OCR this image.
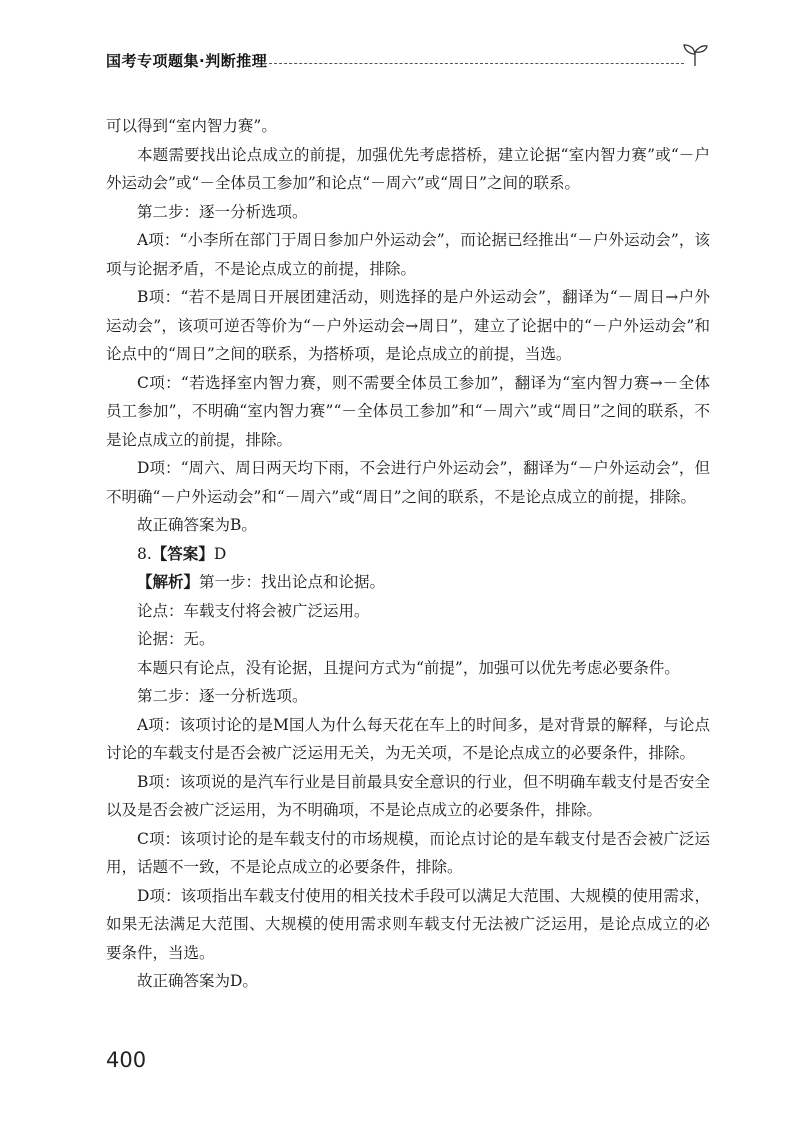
国考专项题集·判断推理

可以得到“室内智力赛”。

本题需要找出论点成立的前提，加强优先考虑搭桥，建立论据“室内智力赛”或“－户外运动会”或“－全体员工参加”和论点“－周六”或“周日”之间的联系。

第二步：逐一分析选项。

A项：“小李所在部门于周日参加户外运动会”，而论据已经推出“－户外运动会”，该项与论据矛盾，不是论点成立的前提，排除。

B项：“若不是周日开展团建活动，则选择的是户外运动会”，翻译为“－周日→户外运动会”，该项可逆否等价为“－户外运动会→周日”，建立了论据中的“－户外运动会”和论点中的“周日”之间的联系，为搭桥项，是论点成立的前提，当选。

C项：“若选择室内智力赛，则不需要全体员工参加”，翻译为“室内智力赛→－全体员工参加”，不明确“室内智力赛”“－全体员工参加”和“－周六”或“周日”之间的联系，不是论点成立的前提，排除。

D项：“周六、周日两天均下雨，不会进行户外运动会”，翻译为“－户外运动会”，但不明确“－户外运动会”和“－周六”或“周日”之间的联系，不是论点成立的前提，排除。

故正确答案为B。

8.【答案】D

【解析】第一步：找出论点和论据。

论点：车载支付将会被广泛运用。

论据：无。

本题只有论点，没有论据，且提问方式为“前提”，加强可以优先考虑必要条件。

第二步：逐一分析选项。

A项：该项讨论的是M国人为什么每天花在车上的时间多，是对背景的解释，与论点讨论的车载支付是否会被广泛运用无关，为无关项，不是论点成立的必要条件，排除。

B项：该项说的是汽车行业是目前最具安全意识的行业，但不明确车载支付是否安全以及是否会被广泛运用，为不明确项，不是论点成立的必要条件，排除。

C项：该项讨论的是车载支付的市场规模，而论点讨论的是车载支付是否会被广泛运用，话题不一致，不是论点成立的必要条件，排除。

D项：该项指出车载支付使用的相关技术手段可以满足大范围、大规模的使用需求，如果无法满足大范围、大规模的使用需求则车载支付无法被广泛运用，是论点成立的必要条件，当选。

故正确答案为D。

400
